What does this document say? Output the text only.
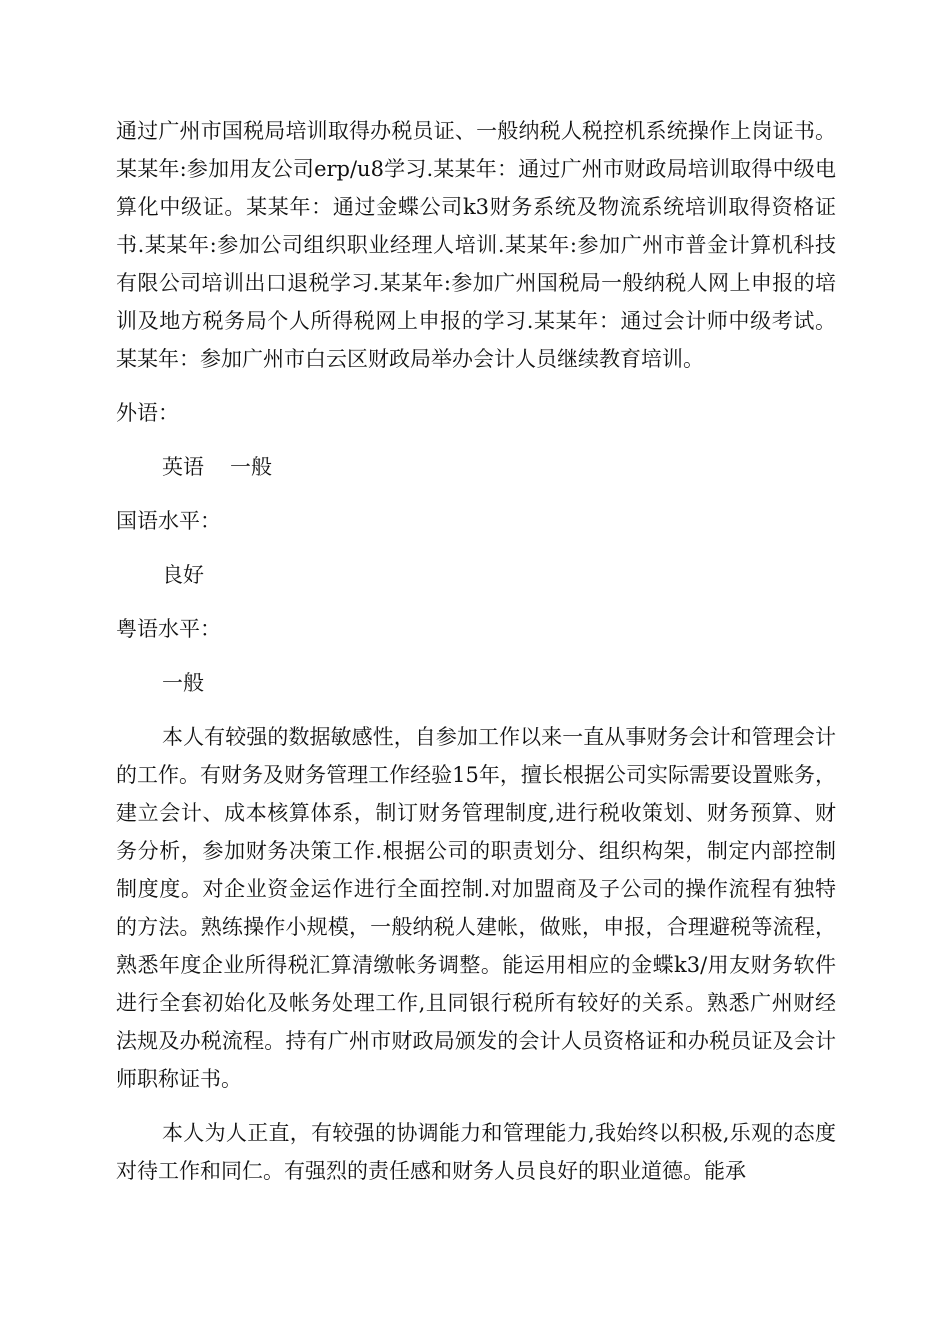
通过广州市国税局培训取得办税员证、一般纳税人税控机系统操作上岗证书。某某年:参加用友公司erp/u8学习.某某年：通过广州市财政局培训取得中级电算化中级证。某某年：通过金蝶公司k3财务系统及物流系统培训取得资格证书.某某年:参加公司组织职业经理人培训.某某年:参加广州市普金计算机科技有限公司培训出口退税学习.某某年:参加广州国税局一般纳税人网上申报的培训及地方税务局个人所得税网上申报的学习.某某年：通过会计师中级考试。某某年：参加广州市白云区财政局举办会计人员继续教育培训。

外语：

英语 一般

国语水平：

良好

粤语水平：

一般

本人有较强的数据敏感性，自参加工作以来一直从事财务会计和管理会计的工作。有财务及财务管理工作经验15年，擅长根据公司实际需要设置账务，建立会计、成本核算体系，制订财务管理制度,进行税收策划、财务预算、财务分析，参加财务决策工作.根据公司的职责划分、组织构架，制定内部控制制度度。对企业资金运作进行全面控制.对加盟商及子公司的操作流程有独特的方法。熟练操作小规模，一般纳税人建帐，做账，申报，合理避税等流程，熟悉年度企业所得税汇算清缴帐务调整。能运用相应的金蝶k3/用友财务软件进行全套初始化及帐务处理工作,且同银行税所有较好的关系。熟悉广州财经法规及办税流程。持有广州市财政局颁发的会计人员资格证和办税员证及会计师职称证书。

本人为人正直，有较强的协调能力和管理能力,我始终以积极,乐观的态度对待工作和同仁。有强烈的责任感和财务人员良好的职业道德。能承
